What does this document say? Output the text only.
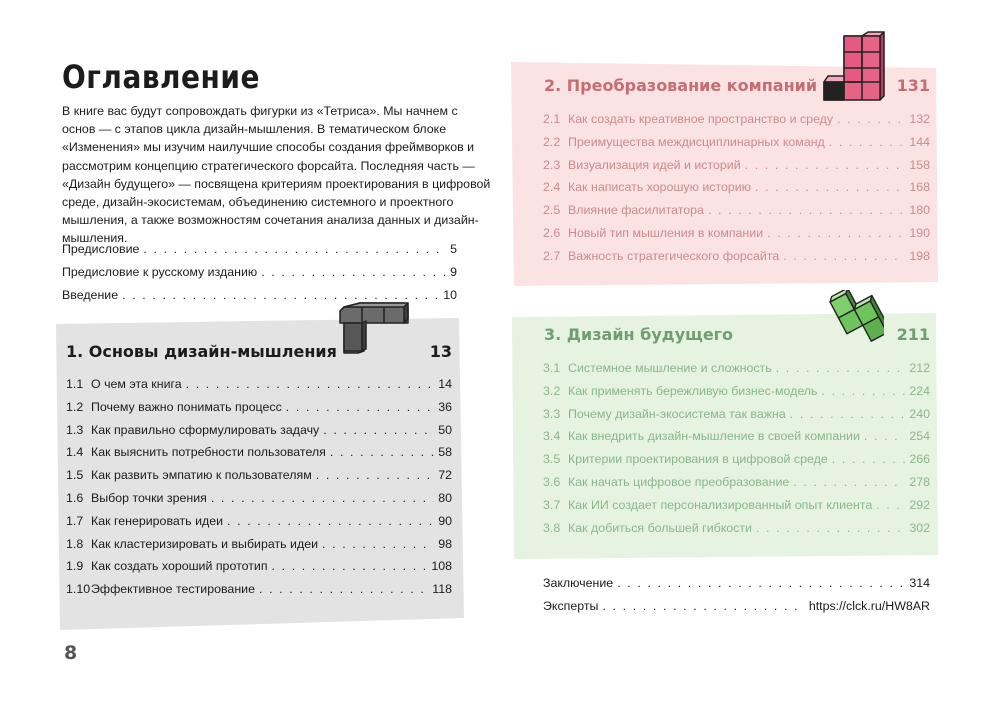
Оглавление

В книге вас будут сопровождать фигурки из «Тетриса». Мы начнем с основ — с этапов цикла дизайн-мышления. В тематическом блоке «Изменения» мы изучим наилучшие способы создания фреймворков и рассмотрим концепцию стратегического форсайта. Последняя часть — «Дизайн будущего» — посвящена критериям проектирования в цифровой среде, дизайн-экосистемам, объединению системного и проектного мышления, а также возможностям сочетания анализа данных и дизайн-мышления.

Предисловие . . .	5
Предисловие к русскому изданию . . .	9
Введение . . .	10
1. Основы дизайн-мышления	13
1.1 О чем эта книга . . .	14
1.2 Почему важно понимать процесс . . .	36
1.3 Как правильно сформулировать задачу . . .	50
1.4 Как выяснить потребности пользователя . . .	58
1.5 Как развить эмпатию к пользователям . . .	72
1.6 Выбор точки зрения . . .	80
1.7 Как генерировать идеи . . .	90
1.8 Как кластеризировать и выбирать идеи . . .	98
1.9 Как создать хороший прототип . . .	108
1.10 Эффективное тестирование . . .	118
2. Преобразование компаний	131
2.1 Как создать креативное пространство и среду . . .	132
2.2 Преимущества междисциплинарных команд . . .	144
2.3 Визуализация идей и историй . . .	158
2.4 Как написать хорошую историю . . .	168
2.5 Влияние фасилитатора . . .	180
2.6 Новый тип мышления в компании . . .	190
2.7 Важность стратегического форсайта . . .	198
3. Дизайн будущего	211
3.1 Системное мышление и сложность . . .	212
3.2 Как применять бережливую бизнес-модель . . .	224
3.3 Почему дизайн-экосистема так важна . . .	240
3.4 Как внедрить дизайн-мышление в своей компании . . .	254
3.5 Критерии проектирования в цифровой среде . . .	266
3.6 Как начать цифровое преобразование . . .	278
3.7 Как ИИ создает персонализированный опыт клиента . . .	292
3.8 Как добиться большей гибкости . . .	302
Заключение . . .	314
Эксперты . . .	https://clck.ru/HW8AR
8
